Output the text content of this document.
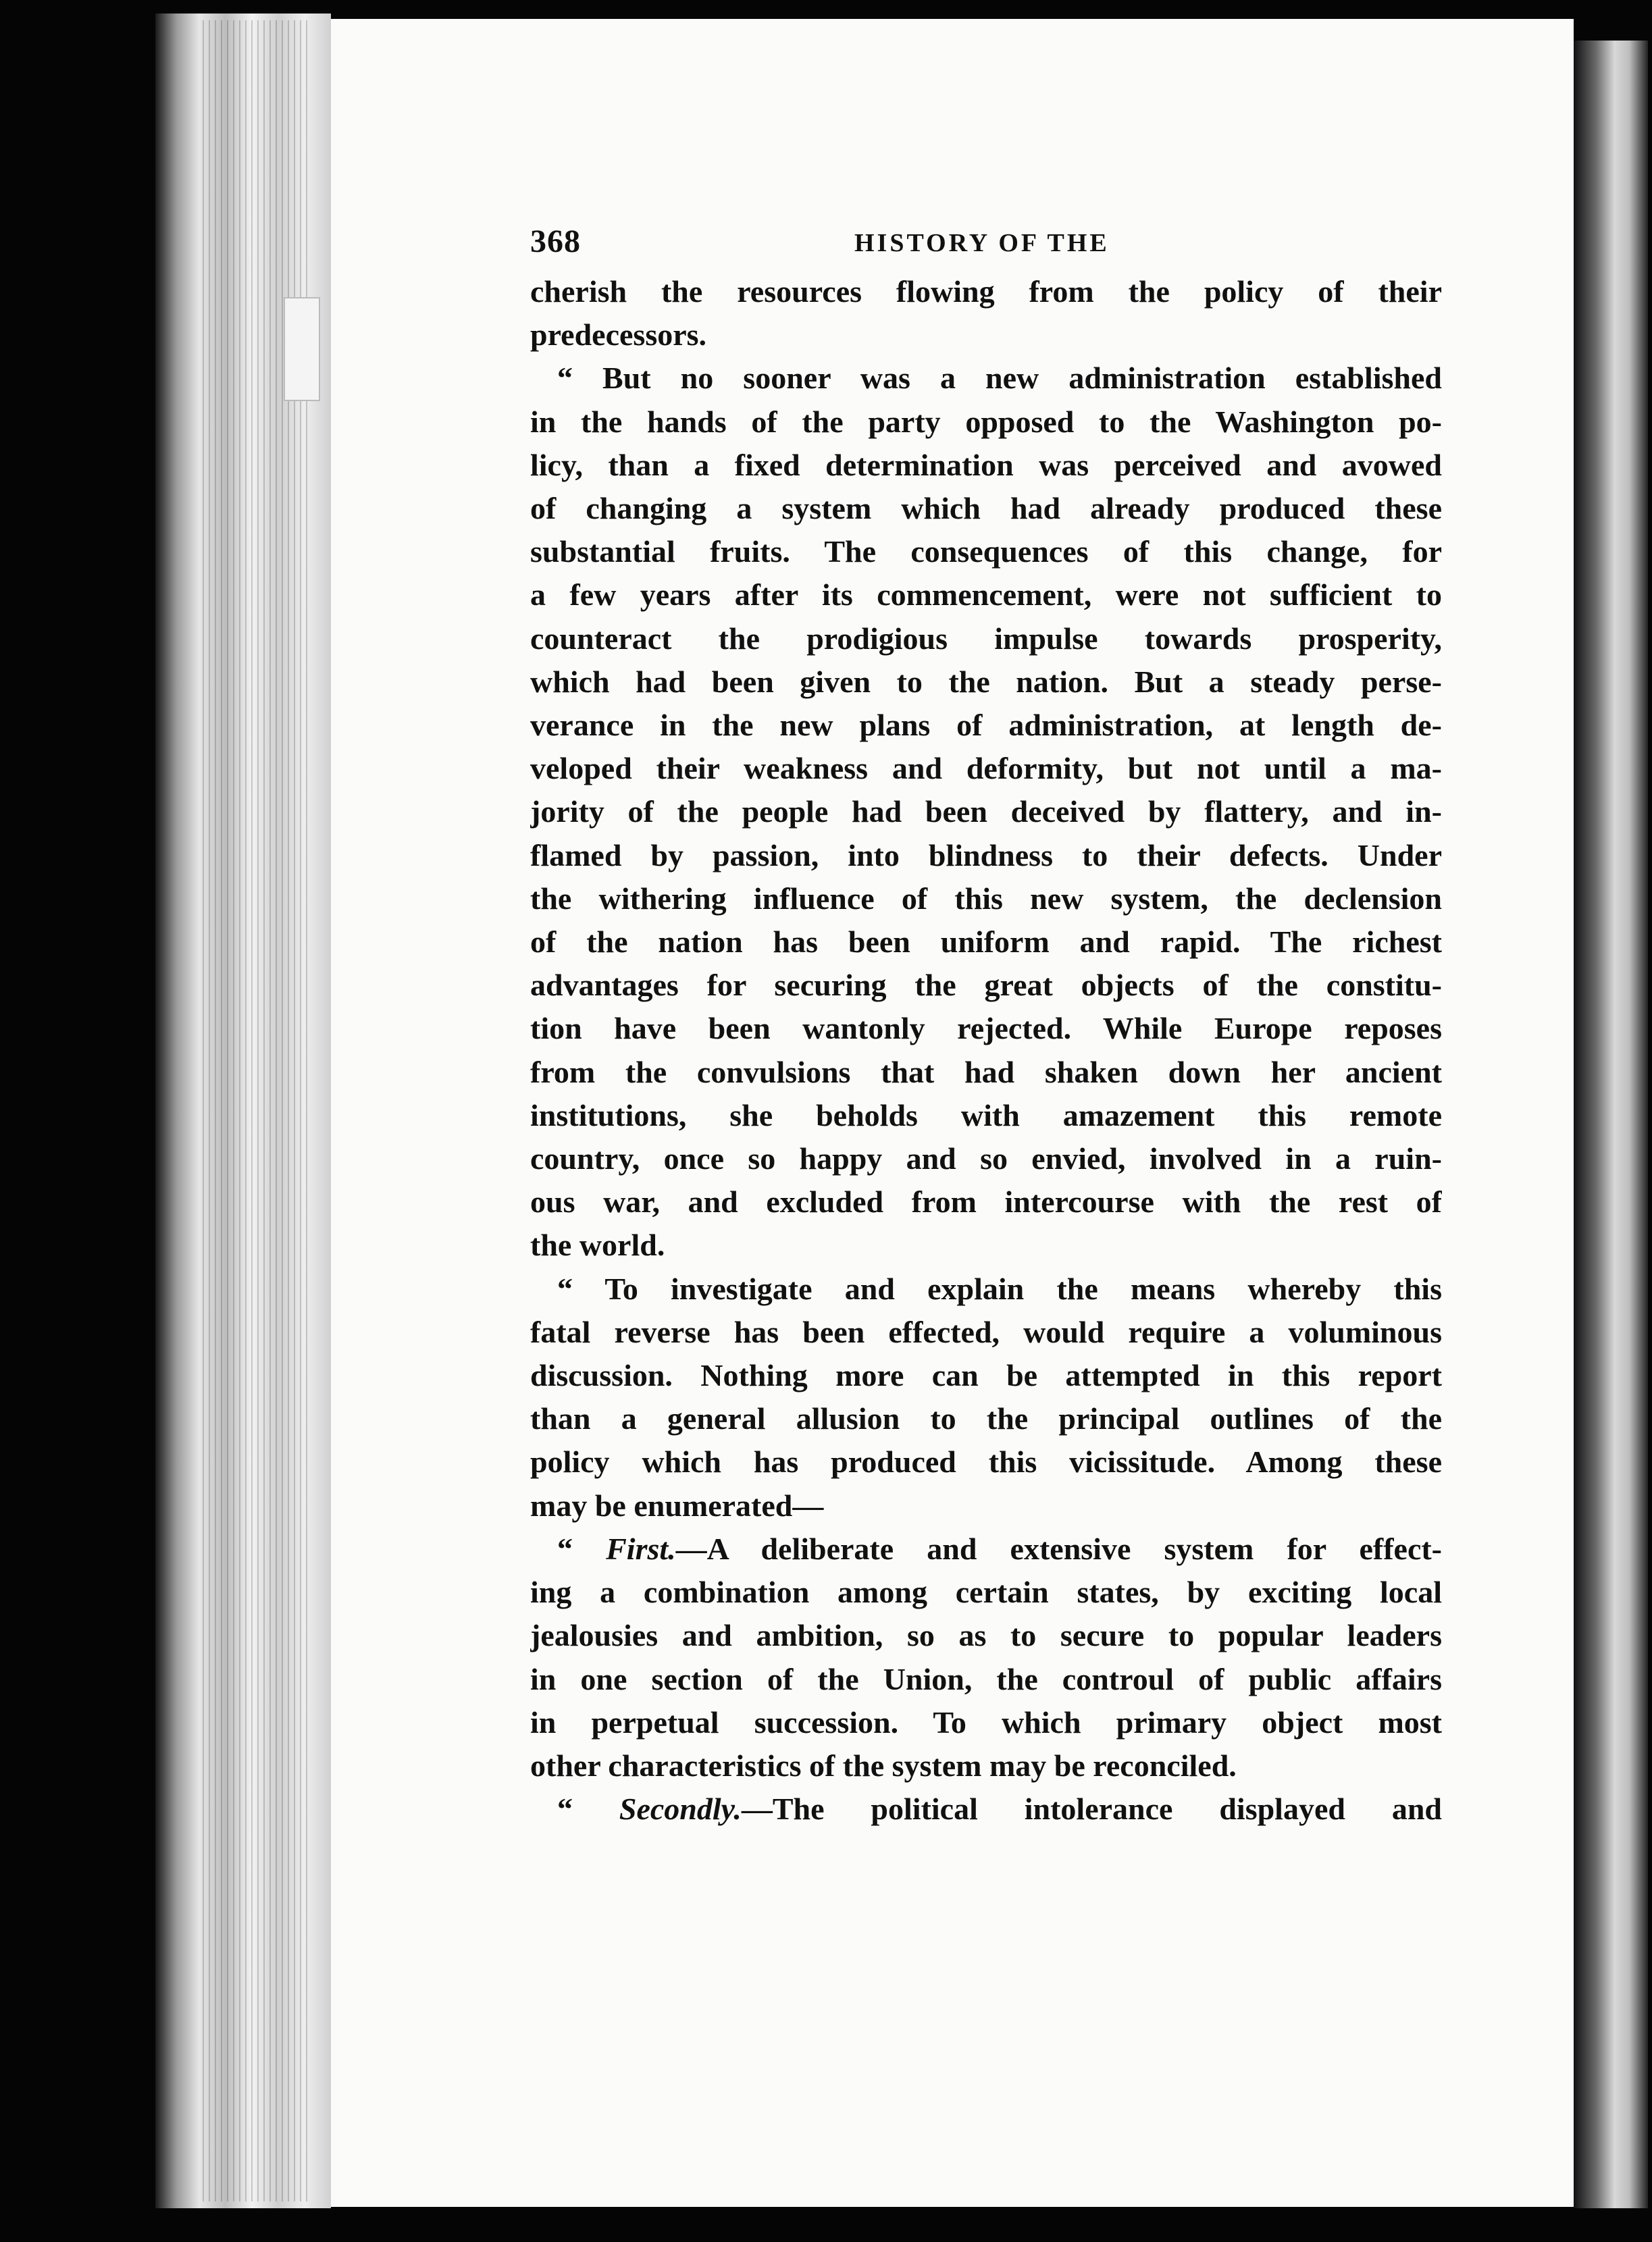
368	HISTORY OF THE

cherish the resources flowing from the policy of their
predecessors.

“ But no sooner was a new administration established
in the hands of the party opposed to the Washington po-
licy, than a fixed determination was perceived and avowed
of changing a system which had already produced these
substantial fruits. The consequences of this change, for
a few years after its commencement, were not sufficient to
counteract the prodigious impulse towards prosperity,
which had been given to the nation. But a steady perse-
verance in the new plans of administration, at length de-
veloped their weakness and deformity, but not until a ma-
jority of the people had been deceived by flattery, and in-
flamed by passion, into blindness to their defects. Under
the withering influence of this new system, the declension
of the nation has been uniform and rapid. The richest
advantages for securing the great objects of the constitu-
tion have been wantonly rejected. While Europe reposes
from the convulsions that had shaken down her ancient
institutions, she beholds with amazement this remote
country, once so happy and so envied, involved in a ruin-
ous war, and excluded from intercourse with the rest of
the world.

“ To investigate and explain the means whereby this
fatal reverse has been effected, would require a voluminous
discussion. Nothing more can be attempted in this report
than a general allusion to the principal outlines of the
policy which has produced this vicissitude. Among these
may be enumerated—

“ First.—A deliberate and extensive system for effect-
ing a combination among certain states, by exciting local
jealousies and ambition, so as to secure to popular leaders
in one section of the Union, the controul of public affairs
in perpetual succession. To which primary object most
other characteristics of the system may be reconciled.

“ Secondly.—The political intolerance displayed and
